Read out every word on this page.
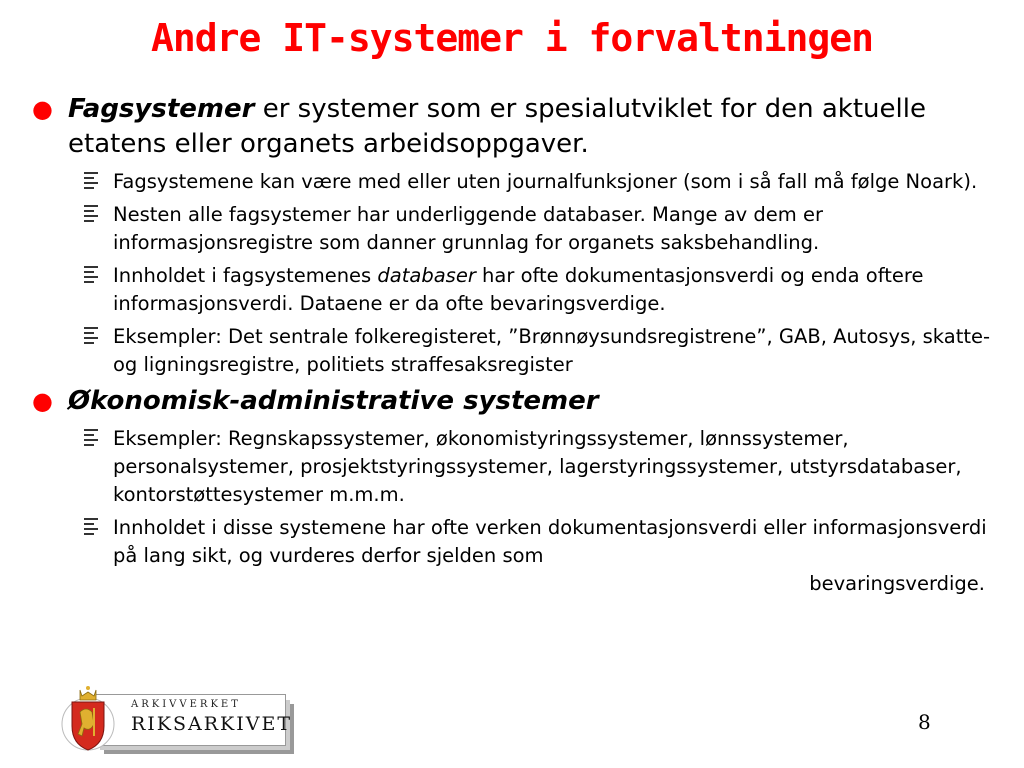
Andre IT-systemer i forvaltningen
● Fagsystemer er systemer som er spesialutviklet for den aktuelle etatens eller organets arbeidsoppgaver.
Fagsystemene kan være med eller uten journalfunksjoner (som i så fall må følge Noark).
Nesten alle fagsystemer har underliggende databaser. Mange av dem er informasjonsregistre som danner grunnlag for organets saksbehandling.
Innholdet i fagsystemenes databaser har ofte dokumentasjonsverdi og enda oftere informasjonsverdi. Dataene er da ofte bevaringsverdige.
Eksempler: Det sentrale folkeregisteret, ”Brønnøysundsregistrene”, GAB, Autosys, skatte- og ligningsregistre, politiets straffesaksregister
● Økonomisk-administrative systemer
Eksempler: Regnskapssystemer, økonomistyringssystemer, lønnssystemer, personalsystemer, prosjektstyringssystemer, lagerstyringssystemer, utstyrsdatabaser, kontorstøttesystemer m.m.m.
Innholdet i disse systemene har ofte verken dokumentasjonsverdi eller informasjonsverdi på lang sikt, og vurderes derfor sjelden som
bevaringsverdige.
ARKIVVERKET
RIKSARKIVET	8
